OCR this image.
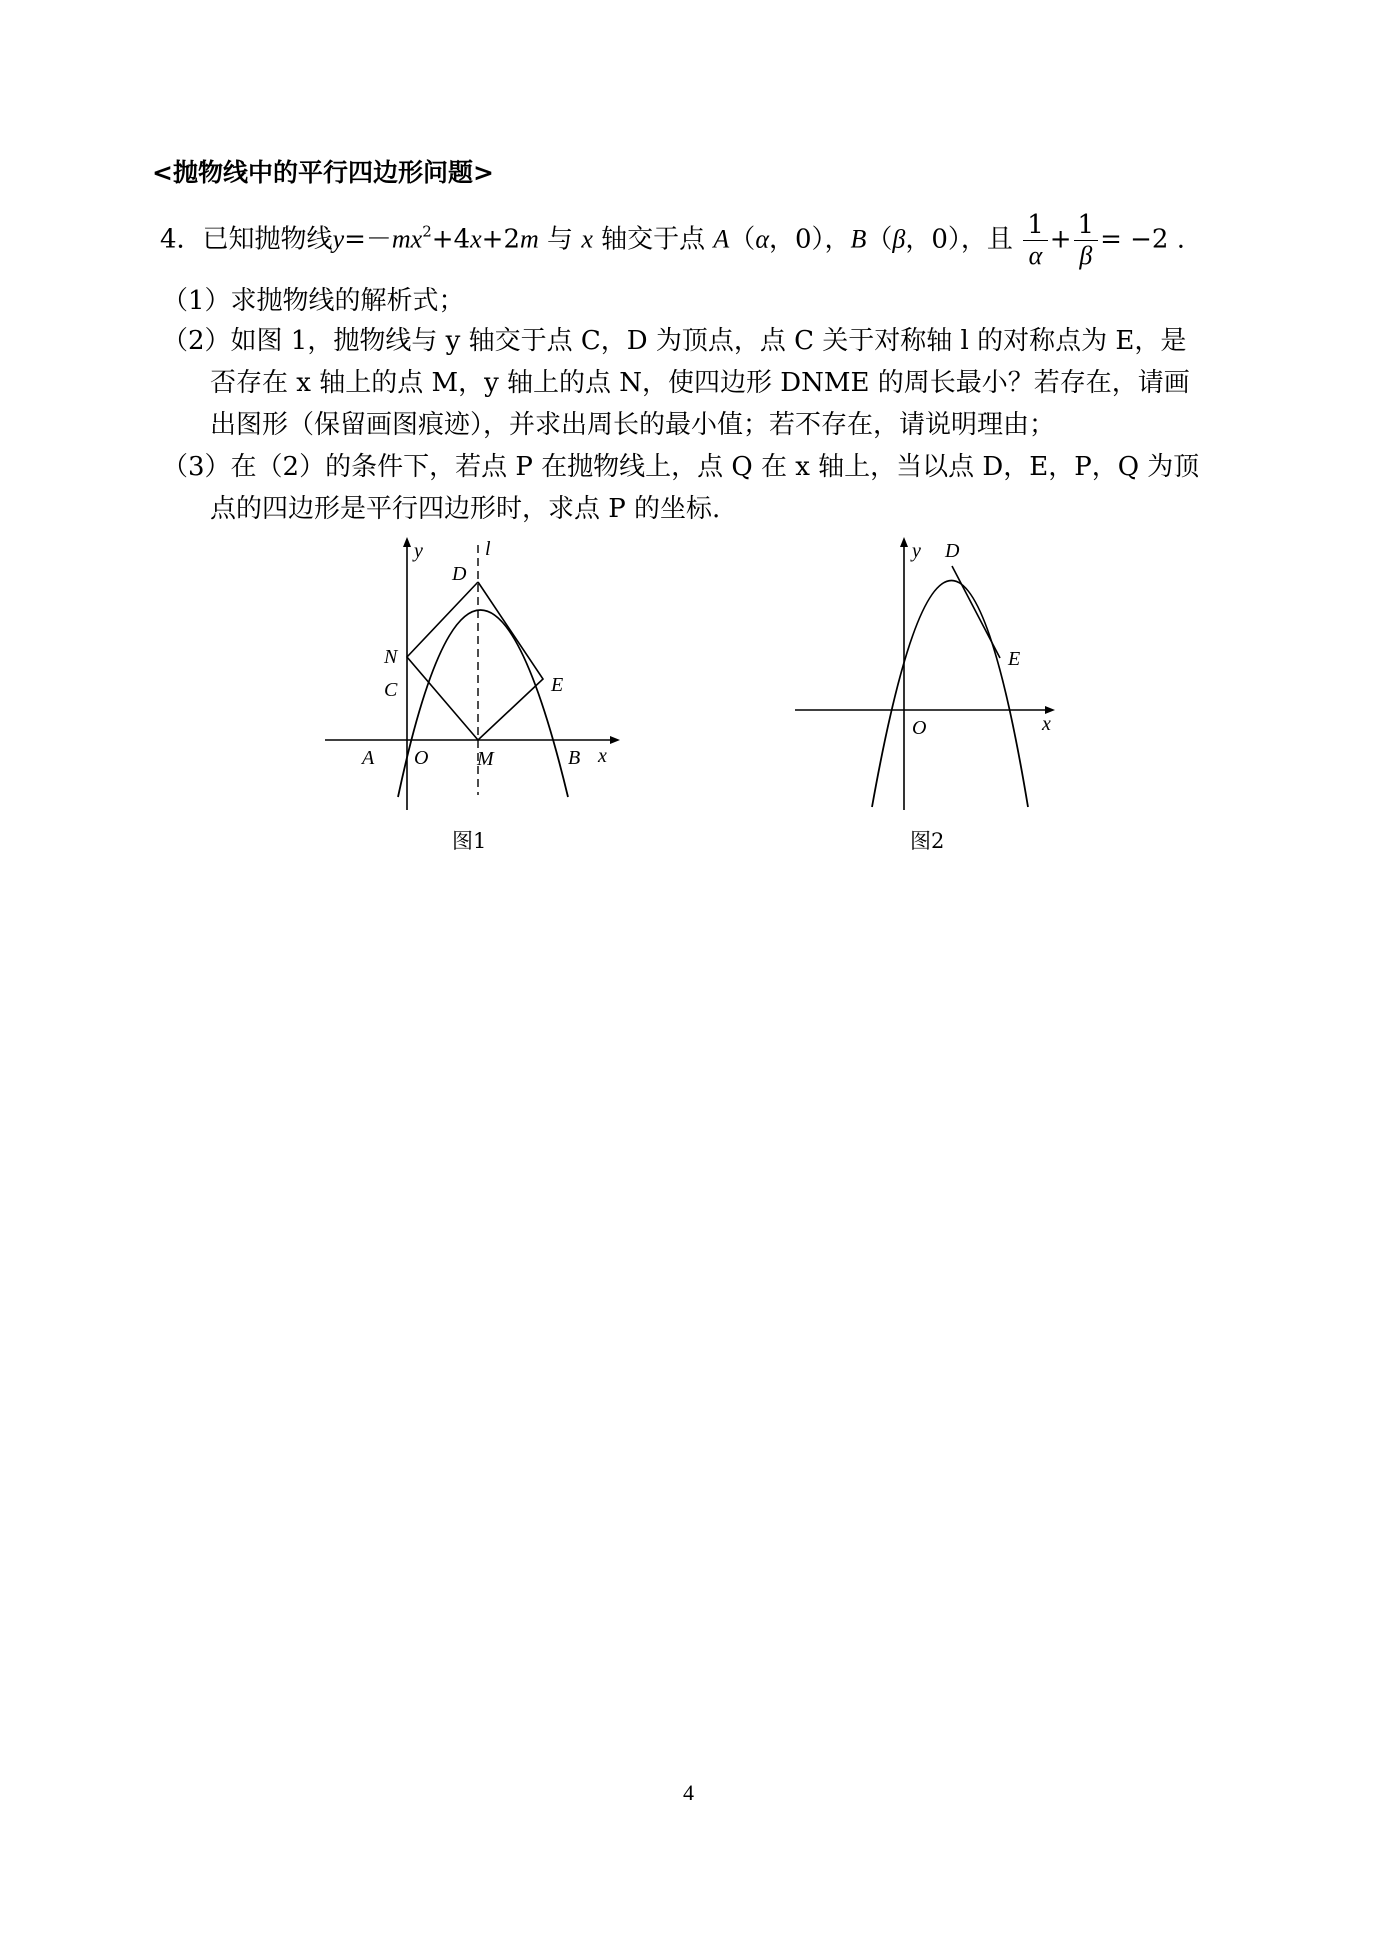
<抛物线中的平行四边形问题>
4．已知抛物线$y=-mx^2+4x+2m$ 与 x 轴交于点 A（α，0），B（β，0），且 $\frac{1}{\alpha} + \frac{1}{\beta} = -2$ .
（1）求抛物线的解析式；
（2）如图 1，抛物线与 y 轴交于点 C，D 为顶点，点 C 关于对称轴 l 的对称点为 E，是
否存在 x 轴上的点 M，y 轴上的点 N，使四边形 DNME 的周长最小？若存在，请画
出图形（保留画图痕迹），并求出周长的最小值；若不存在，请说明理由；
（3）在（2）的条件下，若点 P 在抛物线上，点 Q 在 x 轴上，当以点 D，E，P，Q 为顶
点的四边形是平行四边形时，求点 P 的坐标.
y	l
D
N
C	E
A O M	B x
图1
y D
E
O	x
图2
4
